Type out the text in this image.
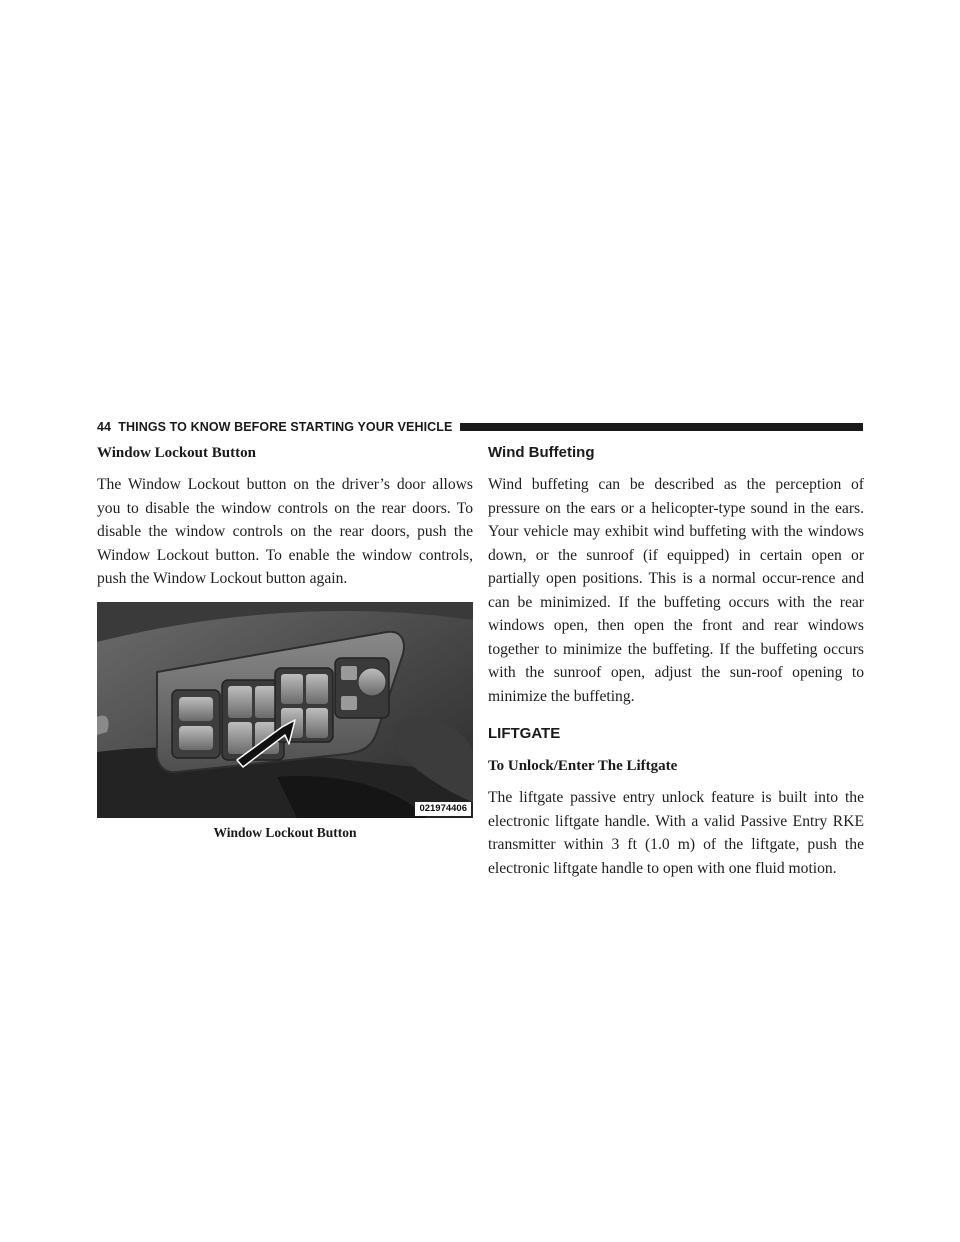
44 THINGS TO KNOW BEFORE STARTING YOUR VEHICLE
Window Lockout Button

The Window Lockout button on the driver’s door allows you to disable the window controls on the rear doors. To disable the window controls on the rear doors, push the Window Lockout button. To enable the window controls, push the Window Lockout button again.

021974406
Window Lockout Button
Wind Buffeting

Wind buffeting can be described as the perception of pressure on the ears or a helicopter-type sound in the ears. Your vehicle may exhibit wind buffeting with the windows down, or the sunroof (if equipped) in certain open or partially open positions. This is a normal occur-rence and can be minimized. If the buffeting occurs with the rear windows open, then open the front and rear windows together to minimize the buffeting. If the buffeting occurs with the sunroof open, adjust the sun-roof opening to minimize the buffeting.

LIFTGATE
To Unlock/Enter The Liftgate

The liftgate passive entry unlock feature is built into the electronic liftgate handle. With a valid Passive Entry RKE transmitter within 3 ft (1.0 m) of the liftgate, push the electronic liftgate handle to open with one fluid motion.
